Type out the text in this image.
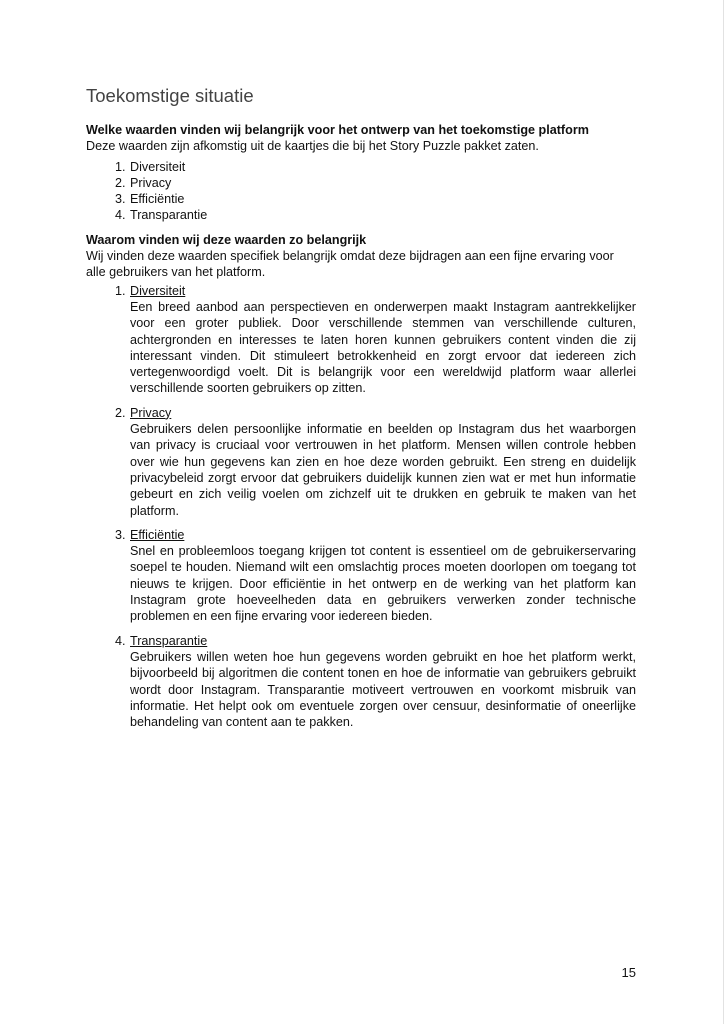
Toekomstige situatie

Welke waarden vinden wij belangrijk voor het ontwerp van het toekomstige platform

Deze waarden zijn afkomstig uit de kaartjes die bij het Story Puzzle pakket zaten.

1. Diversiteit
2. Privacy
3. Efficiëntie
4. Transparantie

Waarom vinden wij deze waarden zo belangrijk

Wij vinden deze waarden specifiek belangrijk omdat deze bijdragen aan een fijne ervaring voor alle gebruikers van het platform.

1. Diversiteit
Een breed aanbod aan perspectieven en onderwerpen maakt Instagram aantrekkelijker voor een groter publiek. Door verschillende stemmen van verschillende culturen, achtergronden en interesses te laten horen kunnen gebruikers content vinden die zij interessant vinden. Dit stimuleert betrokkenheid en zorgt ervoor dat iedereen zich vertegenwoordigd voelt. Dit is belangrijk voor een wereldwijd platform waar allerlei verschillende soorten gebruikers op zitten.
2. Privacy
Gebruikers delen persoonlijke informatie en beelden op Instagram dus het waarborgen van privacy is cruciaal voor vertrouwen in het platform. Mensen willen controle hebben over wie hun gegevens kan zien en hoe deze worden gebruikt. Een streng en duidelijk privacybeleid zorgt ervoor dat gebruikers duidelijk kunnen zien wat er met hun informatie gebeurt en zich veilig voelen om zichzelf uit te drukken en gebruik te maken van het platform.
3. Efficiëntie
Snel en probleemloos toegang krijgen tot content is essentieel om de gebruikerservaring soepel te houden. Niemand wilt een omslachtig proces moeten doorlopen om toegang tot nieuws te krijgen. Door efficiëntie in het ontwerp en de werking van het platform kan Instagram grote hoeveelheden data en gebruikers verwerken zonder technische problemen en een fijne ervaring voor iedereen bieden.
4. Transparantie
Gebruikers willen weten hoe hun gegevens worden gebruikt en hoe het platform werkt, bijvoorbeeld bij algoritmen die content tonen en hoe de informatie van gebruikers gebruikt wordt door Instagram. Transparantie motiveert vertrouwen en voorkomt misbruik van informatie. Het helpt ook om eventuele zorgen over censuur, desinformatie of oneerlijke behandeling van content aan te pakken.
15
